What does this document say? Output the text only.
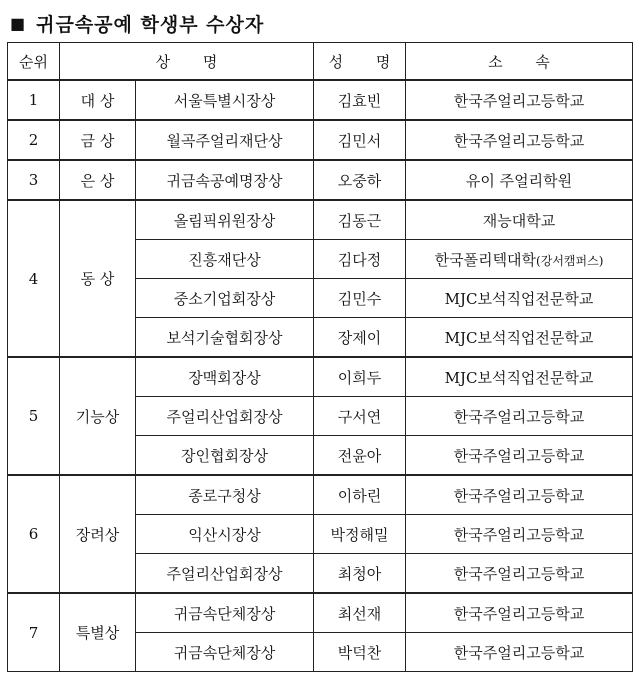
■ 귀금속공예 학생부 수상자
순위	상 명		성 명	소 속
1	대 상	서울특별시장상	김효빈	한국주얼리고등학교
2	금 상	월곡주얼리재단상	김민서	한국주얼리고등학교
3	은 상	귀금속공예명장상	오중하	유이 주얼리학원
4	동 상	올림픽위원장상	김동근	재능대학교
		진흥재단상	김다정	한국폴리텍대학(강서캠퍼스)
		중소기업회장상	김민수	MJC보석직업전문학교
		보석기술협회장상	장제이	MJC보석직업전문학교
5	기능상	장맥회장상	이희두	MJC보석직업전문학교
		주얼리산업회장상	구서연	한국주얼리고등학교
		장인협회장상	전윤아	한국주얼리고등학교
6	장려상	종로구청상	이하린	한국주얼리고등학교
		익산시장상	박정해밀	한국주얼리고등학교
		주얼리산업회장상	최청아	한국주얼리고등학교
7	특별상	귀금속단체장상	최선재	한국주얼리고등학교
		귀금속단체장상	박덕찬	한국주얼리고등학교
